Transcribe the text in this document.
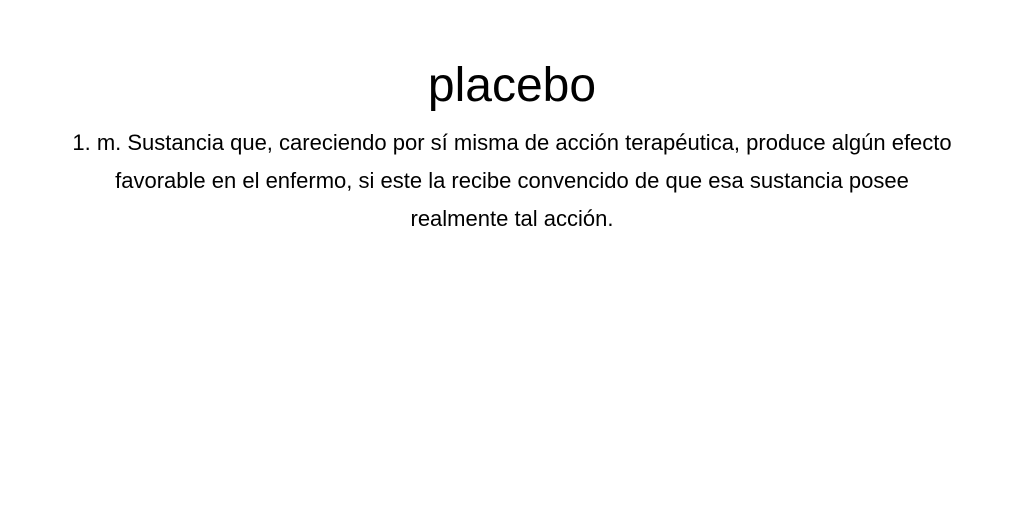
placebo

1. m. Sustancia que, careciendo por sí misma de acción terapéutica, produce algún efecto favorable en el enfermo, si este la recibe convencido de que esa sustancia posee realmente tal acción.
